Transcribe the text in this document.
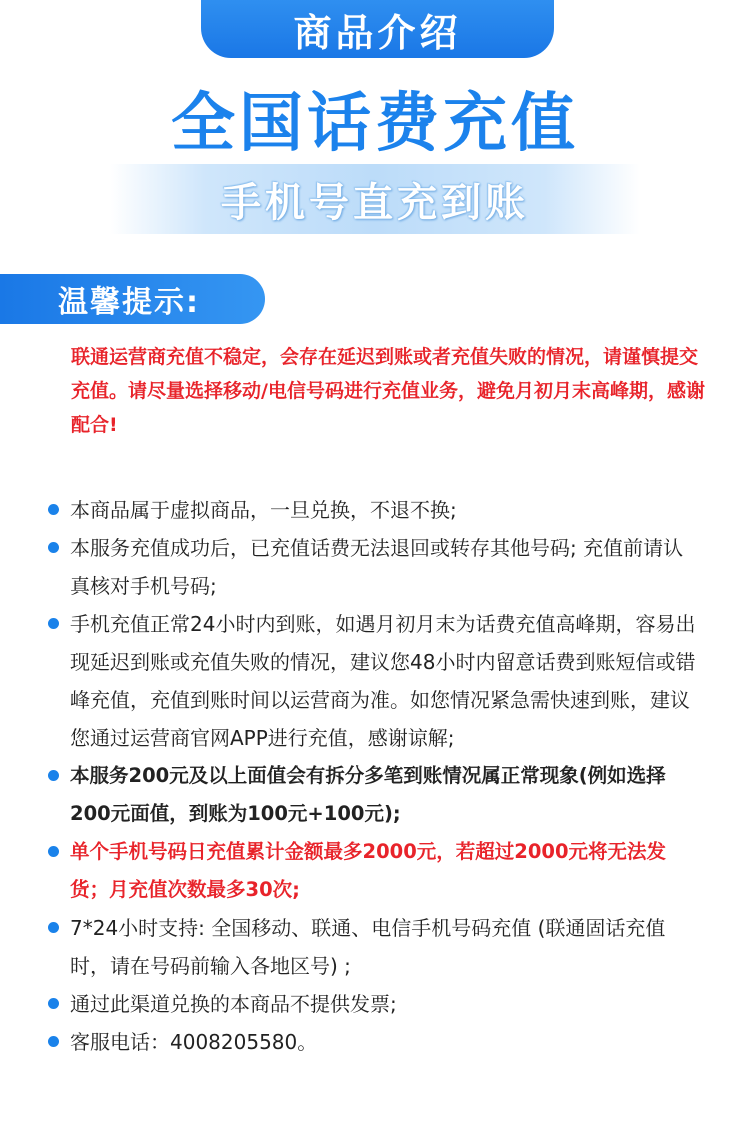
商品介绍
全国话费充值
手机号直充到账
温馨提示:
联通运营商充值不稳定，会存在延迟到账或者充值失败的情况，请谨慎提交充值。请尽量选择移动/电信号码进行充值业务，避免月初月末高峰期，感谢配合!
本商品属于虚拟商品，一旦兑换，不退不换;
本服务充值成功后，已充值话费无法退回或转存其他号码; 充值前请认真核对手机号码;
手机充值正常24小时内到账，如遇月初月末为话费充值高峰期，容易出现延迟到账或充值失败的情况，建议您48小时内留意话费到账短信或错峰充值，充值到账时间以运营商为准。如您情况紧急需快速到账，建议您通过运营商官网APP进行充值，感谢谅解;
本服务200元及以上面值会有拆分多笔到账情况属正常现象(例如选择200元面值，到账为100元+100元);
单个手机号码日充值累计金额最多2000元，若超过2000元将无法发货；月充值次数最多30次;
7*24小时支持: 全国移动、联通、电信手机号码充值 (联通固话充值时，请在号码前输入各地区号) ;
通过此渠道兑换的本商品不提供发票;
客服电话：4008205580。
